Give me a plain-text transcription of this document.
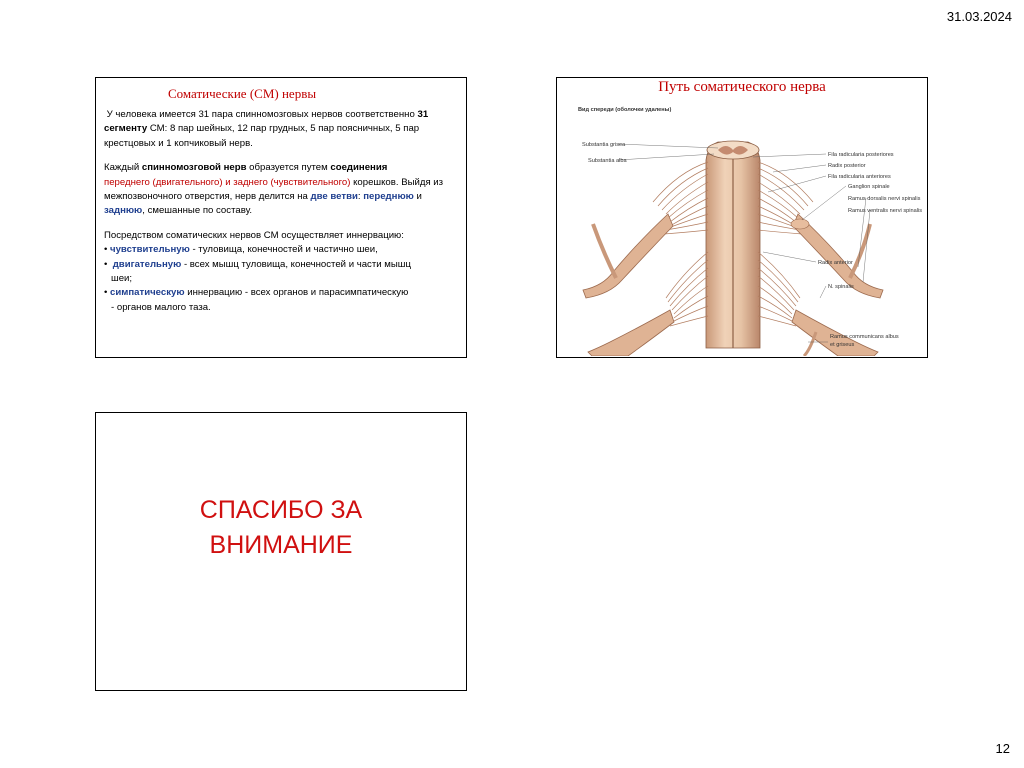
31.03.2024
Соматические (СМ) нервы

У человека имеется 31 пара спинномозговых нервов соответственно 31 сегменту СМ: 8 пар шейных, 12 пар грудных, 5 пар поясничных, 5 пар крестцовых и 1 копчиковый нерв.

Каждый спинномозговой нерв образуется путем соединения
переднего (двигательного) и заднего (чувствительного) корешков. Выйдя из межпозвоночного отверстия, нерв делится на две ветви: переднюю и заднюю, смешанные по составу.

Посредством соматических нервов СМ осуществляет иннервацию:
• чувствительную - туловища, конечностей и частично шеи,
• двигательную - всех мышц туловища, конечностей и части мышц

шеи;
• симпатическую иннервацию - всех органов и парасимпатическую

- органов малого таза.

Путь соматического нерва
Вид спереди (оболочки удалены)
Substantia grisea
Substantia alba
Fila radicularia posteriores
Radix posterior
Fila radicularia anteriores
Ganglion spinale
Ramus dorsalis nervi spinalis
Ramus ventralis nervi spinalis
Radix anterior
N. spinalis
Ramus communicans albus
et griseus
СПАСИБО ЗА
ВНИМАНИЕ
12
